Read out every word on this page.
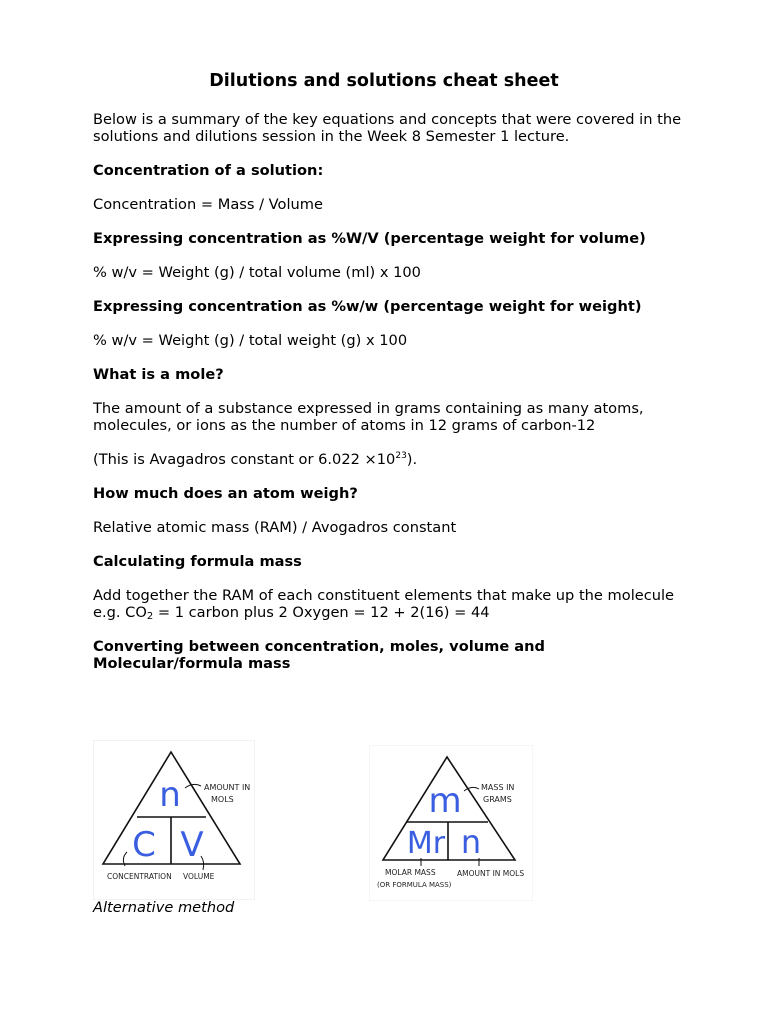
Dilutions and solutions cheat sheet

Below is a summary of the key equations and concepts that were covered in the solutions and dilutions session in the Week 8 Semester 1 lecture.

Concentration of a solution:

Concentration = Mass / Volume

Expressing concentration as %W/V (percentage weight for volume)

% w/v = Weight (g) / total volume (ml) x 100

Expressing concentration as %w/w (percentage weight for weight)

% w/v = Weight (g) / total weight (g) x 100

What is a mole?

The amount of a substance expressed in grams containing as many atoms, molecules, or ions as the number of atoms in 12 grams of carbon-12

(This is Avagadros constant or $6.022 \times 10^{23}$).

How much does an atom weigh?

Relative atomic mass (RAM) / Avogadros constant

Calculating formula mass

Add together the RAM of each constituent elements that make up the molecule

e.g. $CO_2 = 1$ carbon plus 2 Oxygen = 12 + 2(16) = 44

Converting between concentration, moles, volume and Molecular/formula mass

n
C V
AMOUNT IN
MOLS
CONCENTRATION VOLUME
m
Mr n
MASS IN
GRAMS
MOLAR MASS
(OR FORMULA MASS)
AMOUNT IN MOLS
Alternative method
